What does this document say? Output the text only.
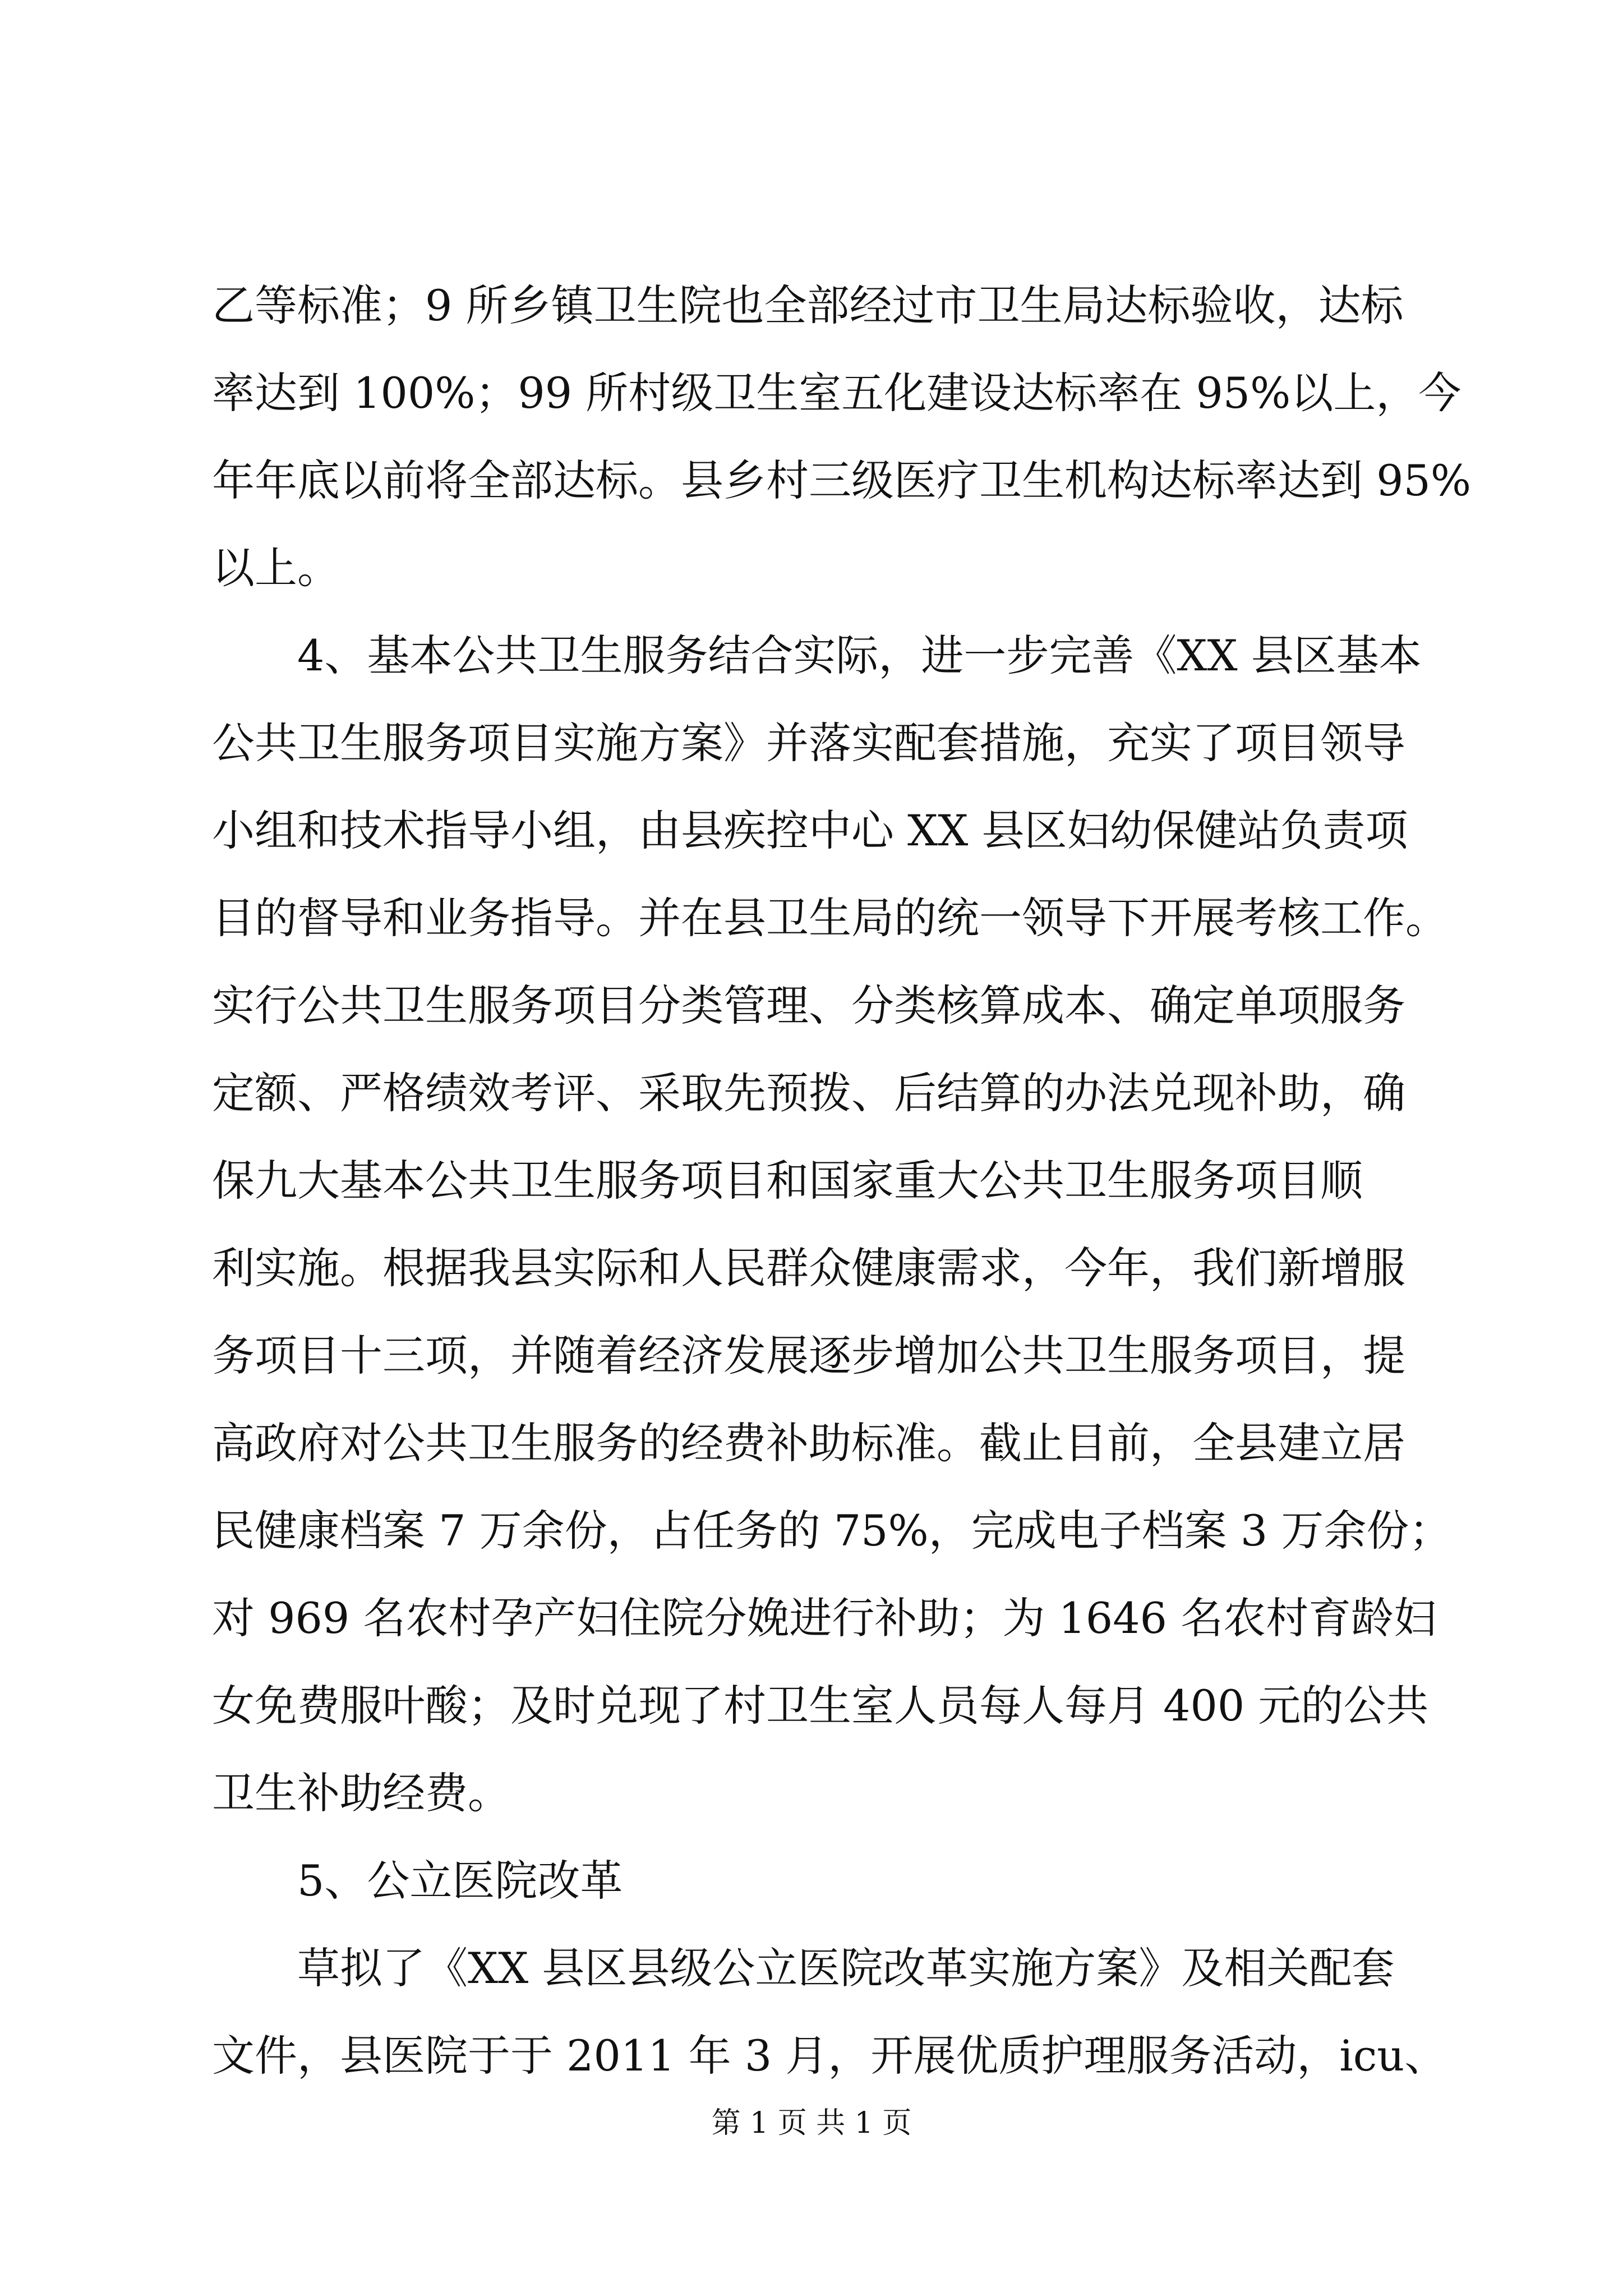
乙等标准；9 所乡镇卫生院也全部经过市卫生局达标验收，达标
率达到 100%；99 所村级卫生室五化建设达标率在 95%以上，今
年年底以前将全部达标。县乡村三级医疗卫生机构达标率达到 95%
以上。
4、基本公共卫生服务结合实际，进一步完善《XX 县区基本
公共卫生服务项目实施方案》并落实配套措施，充实了项目领导
小组和技术指导小组，由县疾控中心 XX 县区妇幼保健站负责项
目的督导和业务指导。并在县卫生局的统一领导下开展考核工作。
实行公共卫生服务项目分类管理、分类核算成本、确定单项服务
定额、严格绩效考评、采取先预拨、后结算的办法兑现补助，确
保九大基本公共卫生服务项目和国家重大公共卫生服务项目顺
利实施。根据我县实际和人民群众健康需求，今年，我们新增服
务项目十三项，并随着经济发展逐步增加公共卫生服务项目，提
高政府对公共卫生服务的经费补助标准。截止目前，全县建立居
民健康档案 7 万余份，占任务的 75%，完成电子档案 3 万余份；
对 969 名农村孕产妇住院分娩进行补助；为 1646 名农村育龄妇
女免费服叶酸；及时兑现了村卫生室人员每人每月 400 元的公共
卫生补助经费。
5、公立医院改革
草拟了《XX 县区县级公立医院改革实施方案》及相关配套
文件，县医院于于 2011 年 3 月，开展优质护理服务活动，icu、
第 1 页 共 1 页
